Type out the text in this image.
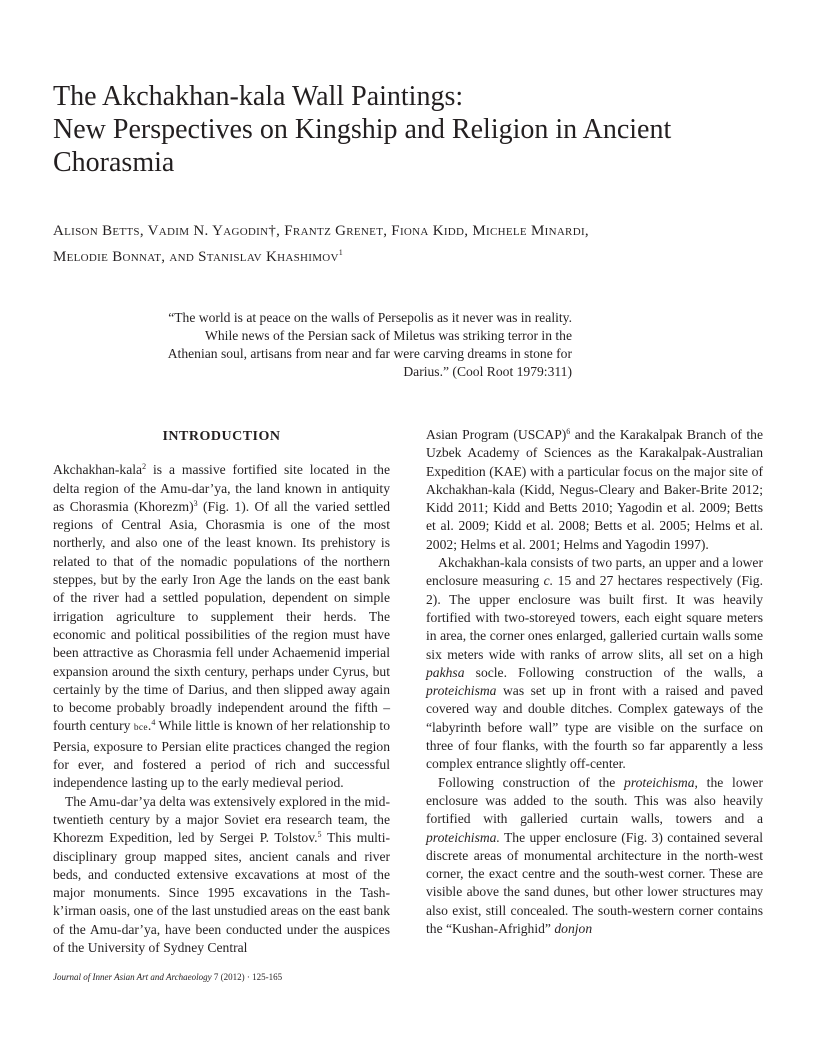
The Akchakhan-kala Wall Paintings:
New Perspectives on Kingship and Religion in Ancient
Chorasmia
Alison Betts, Vadim N. Yagodin†, Frantz Grenet, Fiona Kidd, Michele Minardi,
Melodie Bonnat, and Stanislav Khashimov$^1$
“The world is at peace on the walls of Persepolis as it never was in reality.
While news of the Persian sack of Miletus was striking terror in the
Athenian soul, artisans from near and far were carving dreams in stone for
Darius.” (Cool Root 1979:311)
INTRODUCTION

Akchakhan-kala$^2$ is a massive fortified site located in the delta region of the Amu-dar’ya, the land known in antiquity as Chorasmia (Khorezm)$^3$ (Fig. 1). Of all the varied settled regions of Central Asia, Chorasmia is one of the most northerly, and also one of the least known. Its prehistory is related to that of the nomadic populations of the northern steppes, but by the early Iron Age the lands on the east bank of the river had a settled population, dependent on simple irrigation agriculture to supplement their herds. The economic and political possibilities of the region must have been attractive as Chorasmia fell under Achaemenid imperial expansion around the sixth century, perhaps under Cyrus, but certainly by the time of Darius, and then slipped away again to become probably broadly independent around the fifth – fourth century bce.$^4$ While little is known of her relationship to Persia, exposure to Persian elite practices changed the region for ever, and fostered a period of rich and successful independence lasting up to the early medieval period.

The Amu-dar’ya delta was extensively explored in the mid-twentieth century by a major Soviet era research team, the Khorezm Expedition, led by Sergei P. Tolstov.$^5$ This multi-disciplinary group mapped sites, ancient canals and river beds, and conducted extensive excavations at most of the major monuments. Since 1995 excavations in the Tash-k’irman oasis, one of the last unstudied areas on the east bank of the Amu-dar’ya, have been conducted under the auspices of the University of Sydney Central

Asian Program (USCAP)$^6$ and the Karakalpak Branch of the Uzbek Academy of Sciences as the Karakalpak-Australian Expedition (KAE) with a particular focus on the major site of Akchakhan-kala (Kidd, Negus-Cleary and Baker-Brite 2012; Kidd 2011; Kidd and Betts 2010; Yagodin et al. 2009; Betts et al. 2009; Kidd et al. 2008; Betts et al. 2005; Helms et al. 2002; Helms et al. 2001; Helms and Yagodin 1997).

Akchakhan-kala consists of two parts, an upper and a lower enclosure measuring c. 15 and 27 hectares respectively (Fig. 2). The upper enclosure was built first. It was heavily fortified with two-storeyed towers, each eight square meters in area, the corner ones enlarged, galleried curtain walls some six meters wide with ranks of arrow slits, all set on a high pakhsa socle. Following construction of the walls, a proteichisma was set up in front with a raised and paved covered way and double ditches. Complex gateways of the “labyrinth before wall” type are visible on the surface on three of four flanks, with the fourth so far apparently a less complex entrance slightly off-center.

Following construction of the proteichisma, the lower enclosure was added to the south. This was also heavily fortified with galleried curtain walls, towers and a proteichisma. The upper enclosure (Fig. 3) contained several discrete areas of monumental architecture in the north-west corner, the exact centre and the south-west corner. These are visible above the sand dunes, but other lower structures may also exist, still concealed. The south-western corner contains the “Kushan-Afrighid” donjon

Journal of Inner Asian Art and Archaeology 7 (2012) · 125-165
